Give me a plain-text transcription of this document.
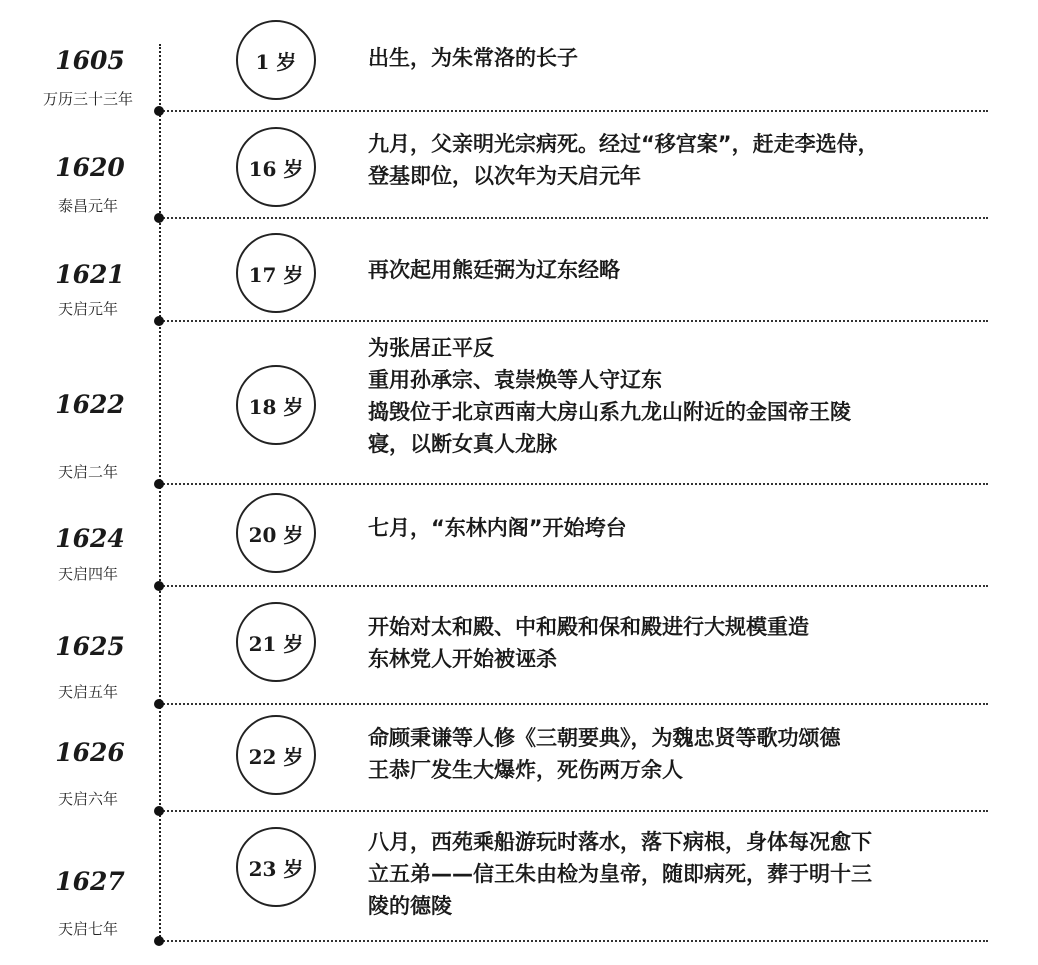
1605	1 岁	出生，为朱常洛的长子
万历三十三年
1620	16 岁
九月，父亲明光宗病死。经过“移宫案”，赶走李选侍，
登基即位，以次年为天启元年
泰昌元年
1621	17 岁	再次起用熊廷弼为辽东经略
天启元年
1622	18 岁
为张居正平反
重用孙承宗、袁崇焕等人守辽东
捣毁位于北京西南大房山系九龙山附近的金国帝王陵
寝，以断女真人龙脉
天启二年
1624	20 岁	七月，“东林内阁”开始垮台
天启四年
1625	21 岁
开始对太和殿、中和殿和保和殿进行大规模重造
东林党人开始被诬杀
天启五年
1626	22 岁
命顾秉谦等人修《三朝要典》，为魏忠贤等歌功颂德
王恭厂发生大爆炸，死伤两万余人
天启六年
1627	23 岁
八月，西苑乘船游玩时落水，落下病根，身体每况愈下
立五弟——信王朱由检为皇帝，随即病死，葬于明十三
陵的德陵
天启七年
